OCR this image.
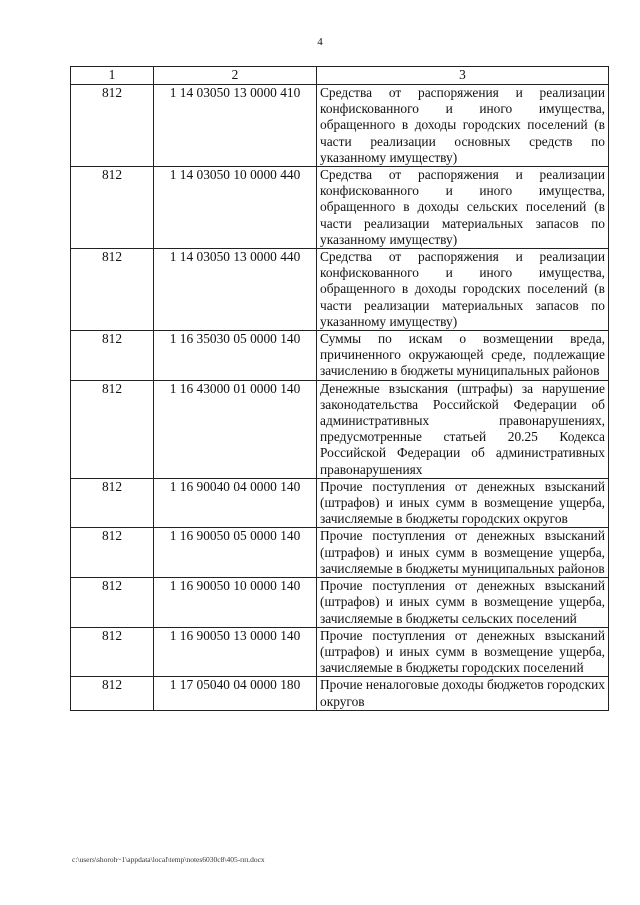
4
1	2	3
812	1 14 03050 13 0000 410	Средства от распоряжения и реализации конфискованного и иного имущества, обращенного в доходы городских поселений (в части реализации основных средств по указанному имуществу)
812	1 14 03050 10 0000 440	Средства от распоряжения и реализации конфискованного и иного имущества, обращенного в доходы сельских поселений (в части реализации материальных запасов по указанному имуществу)
812	1 14 03050 13 0000 440	Средства от распоряжения и реализации конфискованного и иного имущества, обращенного в доходы городских поселений (в части реализации материальных запасов по указанному имуществу)
812	1 16 35030 05 0000 140	Суммы по искам о возмещении вреда, причиненного окружающей среде, подлежащие зачислению в бюджеты муниципальных районов
812	1 16 43000 01 0000 140	Денежные взыскания (штрафы) за нарушение законодательства Российской Федерации об административных правонарушениях, предусмотренные статьей 20.25 Кодекса Российской Федерации об административных правонарушениях
812	1 16 90040 04 0000 140	Прочие поступления от денежных взысканий (штрафов) и иных сумм в возмещение ущерба, зачисляемые в бюджеты городских округов
812	1 16 90050 05 0000 140	Прочие поступления от денежных взысканий (штрафов) и иных сумм в возмещение ущерба, зачисляемые в бюджеты муниципальных районов
812	1 16 90050 10 0000 140	Прочие поступления от денежных взысканий (штрафов) и иных сумм в возмещение ущерба, зачисляемые в бюджеты сельских поселений
812	1 16 90050 13 0000 140	Прочие поступления от денежных взысканий (штрафов) и иных сумм в возмещение ущерба, зачисляемые в бюджеты городских поселений
812	1 17 05040 04 0000 180	Прочие неналоговые доходы бюджетов городских округов
c:\users\shoroh~1\appdata\local\temp\notes6030c8\405-пп.docx
